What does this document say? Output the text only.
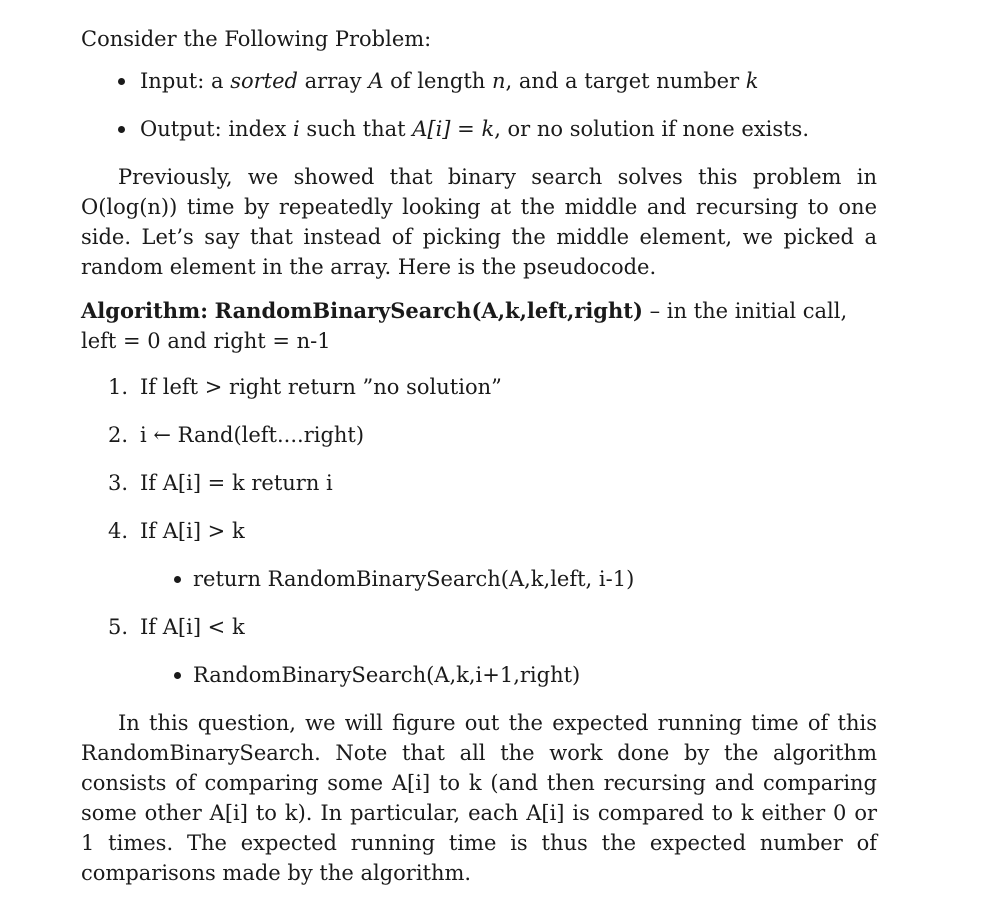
Consider the Following Problem:

Input: a sorted array A of length n, and a target number k
Output: index i such that A[i] = k, or no solution if none exists.

Previously, we showed that binary search solves this problem in O(log(n)) time by repeatedly looking at the middle and recursing to one side. Let’s say that instead of picking the middle element, we picked a random element in the array. Here is the pseudocode.

Algorithm: RandomBinarySearch(A,k,left,right) – in the initial call, left = 0 and right = n-1

1. If left > right return ”no solution”
2. i ← Rand(left....right)
3. If A[i] = k return i
4. If A[i] > k
return RandomBinarySearch(A,k,left, i-1)
5. If A[i] < k
RandomBinarySearch(A,k,i+1,right)

In this question, we will figure out the expected running time of this RandomBinarySearch. Note that all the work done by the algorithm consists of comparing some A[i] to k (and then recursing and comparing some other A[i] to k). In particular, each A[i] is compared to k either 0 or 1 times. The expected running time is thus the expected number of comparisons made by the algorithm.
